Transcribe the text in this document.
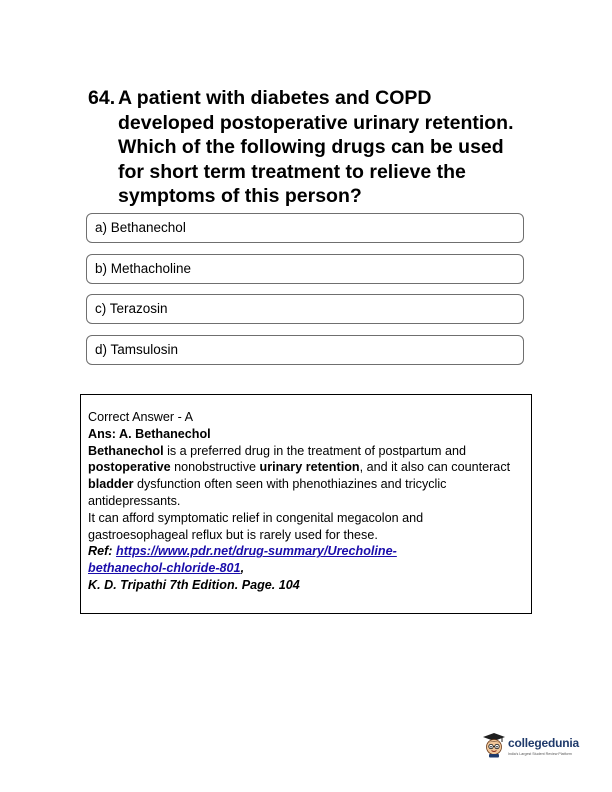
64. A patient with diabetes and COPD developed postoperative urinary retention. Which of the following drugs can be used for short term treatment to relieve the symptoms of this person?
a) Bethanechol
b) Methacholine
c) Terazosin
d) Tamsulosin
Correct Answer - A
Ans: A. Bethanechol
Bethanechol is a preferred drug in the treatment of postpartum and postoperative nonobstructive urinary retention, and it also can counteract bladder dysfunction often seen with phenothiazines and tricyclic antidepressants.
It can afford symptomatic relief in congenital megacolon and gastroesophageal reflux but is rarely used for these.
Ref: https://www.pdr.net/drug-summary/Urecholine-
bethanechol-chloride-801,
K. D. Tripathi 7th Edition. Page. 104
collegedunia
India's Largest Student Review Platform
